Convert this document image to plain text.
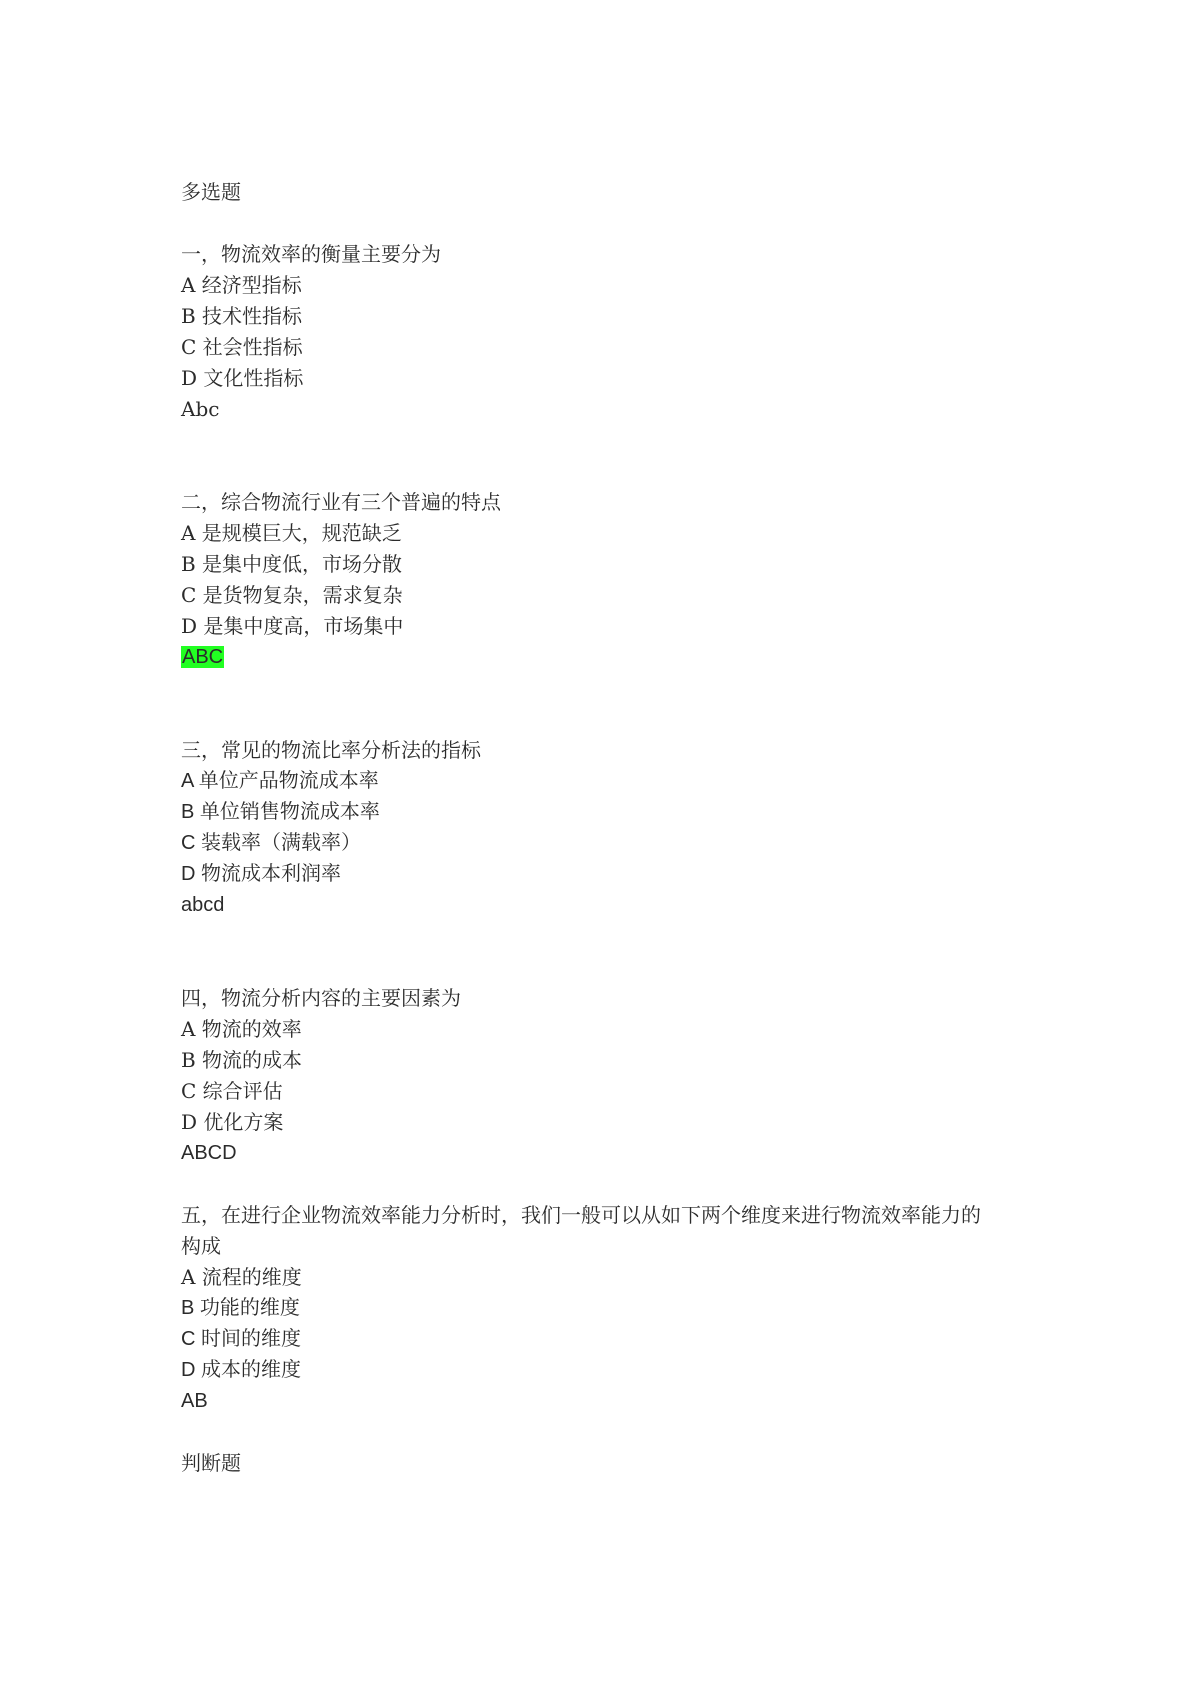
多选题
一，物流效率的衡量主要分为
A 经济型指标
B 技术性指标
C 社会性指标
D 文化性指标
Abc
二，综合物流行业有三个普遍的特点
A 是规模巨大，规范缺乏
B 是集中度低，市场分散
C 是货物复杂，需求复杂
D 是集中度高，市场集中
ABC
三，常见的物流比率分析法的指标
A 单位产品物流成本率
B 单位销售物流成本率
C 装载率（满载率）
D 物流成本利润率
abcd
四，物流分析内容的主要因素为
A 物流的效率
B 物流的成本
C 综合评估
D 优化方案
ABCD
五，在进行企业物流效率能力分析时，我们一般可以从如下两个维度来进行物流效率能力的
构成
A 流程的维度
B 功能的维度
C 时间的维度
D 成本的维度
AB
判断题
